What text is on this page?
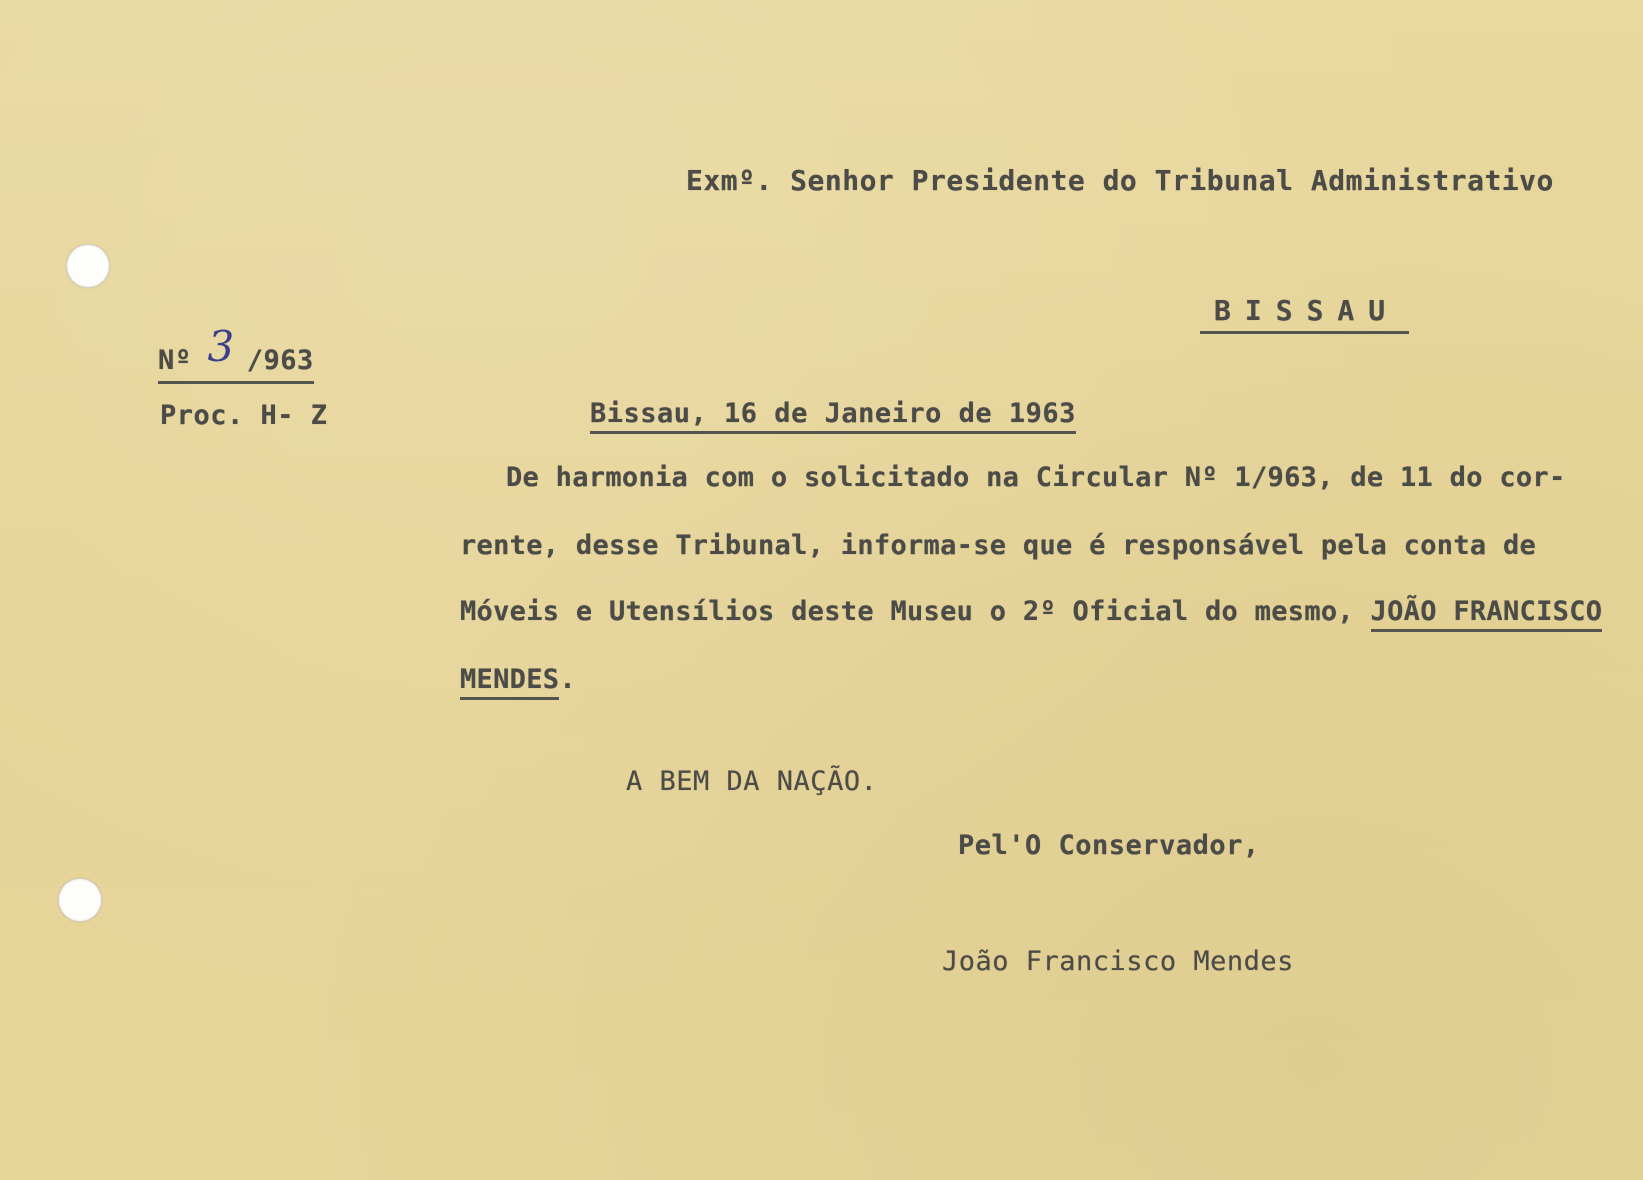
Exmº. Senhor Presidente do Tribunal Administrativo
BISSAU
Nº 3 /963
Proc. H- Z	Bissau, 16 de Janeiro de 1963
De harmonia com o solicitado na Circular Nº 1/963, de 11 do cor-
rente, desse Tribunal, informa-se que é responsável pela conta de
Móveis e Utensílios deste Museu o 2º Oficial do mesmo, JOÃO FRANCISCO
MENDES.
A BEM DA NAÇÃO.
Pel'O Conservador,
João Francisco Mendes
